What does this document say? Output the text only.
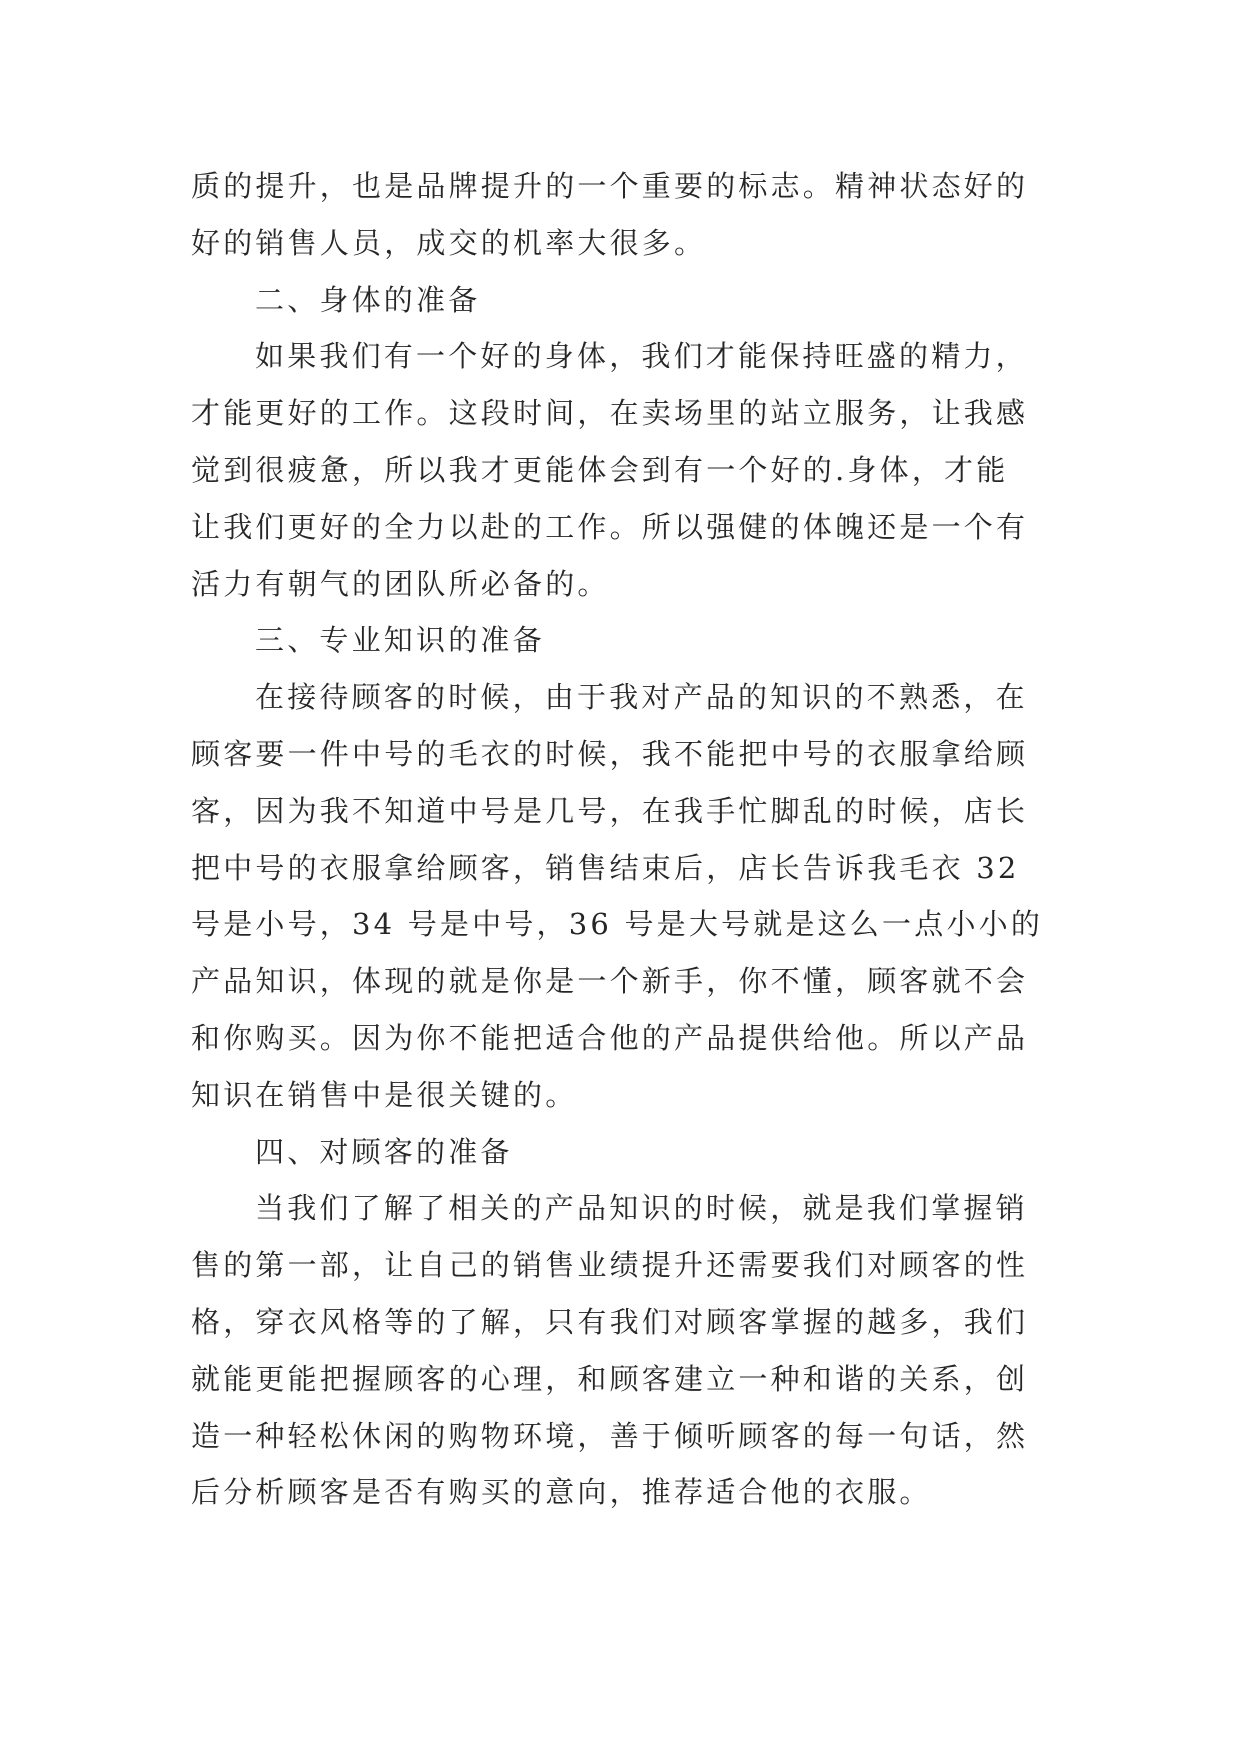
质的提升，也是品牌提升的一个重要的标志。精神状态好的
好的销售人员，成交的机率大很多。
二、身体的准备
如果我们有一个好的身体，我们才能保持旺盛的精力，
才能更好的工作。这段时间，在卖场里的站立服务，让我感
觉到很疲惫，所以我才更能体会到有一个好的.身体，才能
让我们更好的全力以赴的工作。所以强健的体魄还是一个有
活力有朝气的团队所必备的。
三、专业知识的准备
在接待顾客的时候，由于我对产品的知识的不熟悉，在
顾客要一件中号的毛衣的时候，我不能把中号的衣服拿给顾
客，因为我不知道中号是几号，在我手忙脚乱的时候，店长
把中号的衣服拿给顾客，销售结束后，店长告诉我毛衣 32
号是小号，34 号是中号，36 号是大号就是这么一点小小的
产品知识，体现的就是你是一个新手，你不懂，顾客就不会
和你购买。因为你不能把适合他的产品提供给他。所以产品
知识在销售中是很关键的。
四、对顾客的准备
当我们了解了相关的产品知识的时候，就是我们掌握销
售的第一部，让自己的销售业绩提升还需要我们对顾客的性
格，穿衣风格等的了解，只有我们对顾客掌握的越多，我们
就能更能把握顾客的心理，和顾客建立一种和谐的关系，创
造一种轻松休闲的购物环境，善于倾听顾客的每一句话，然
后分析顾客是否有购买的意向，推荐适合他的衣服。
